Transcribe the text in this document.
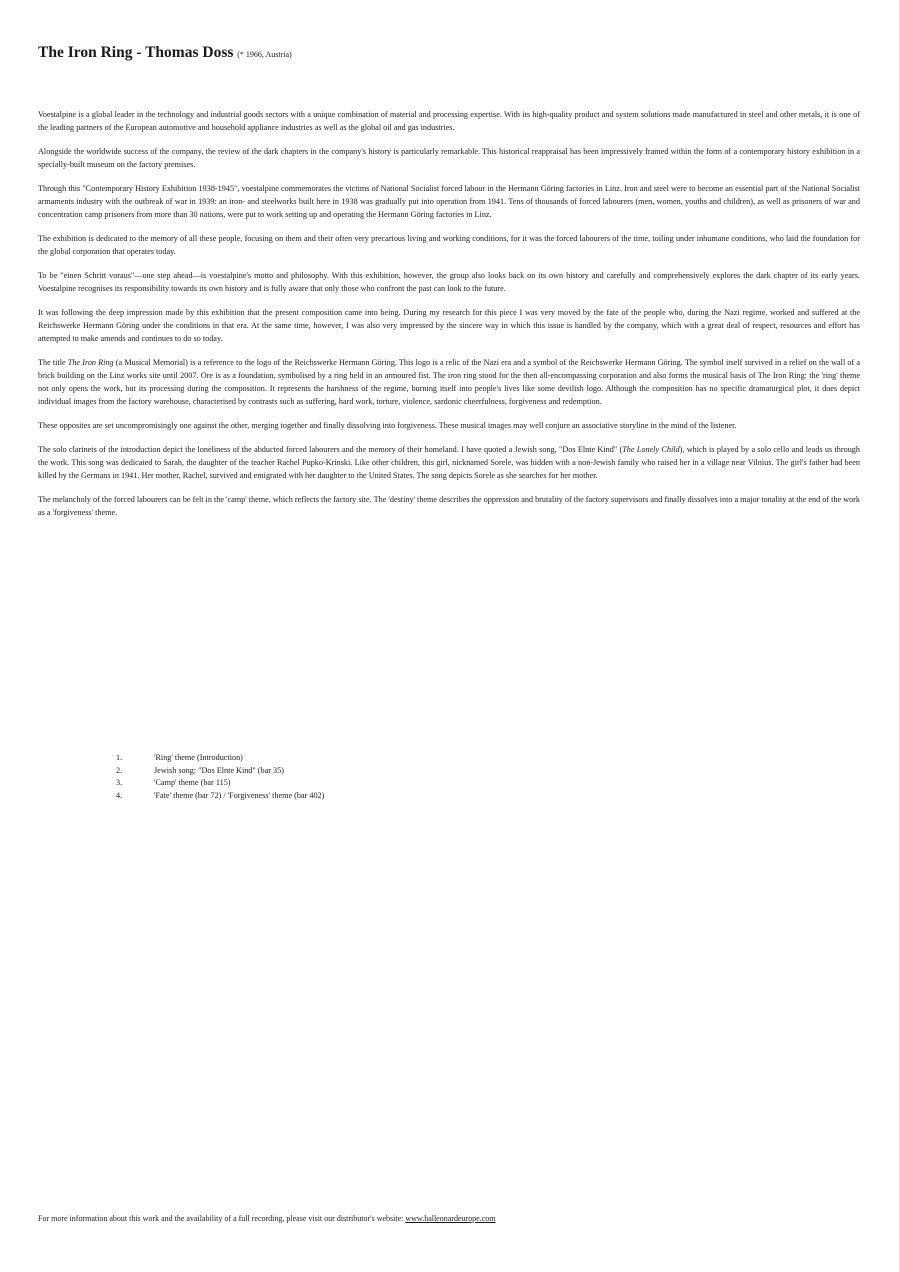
The Iron Ring - Thomas Doss (* 1966, Austria)

Voestalpine is a global leader in the technology and industrial goods sectors with a unique combination of material and processing expertise. With its high-quality product and system solutions made manufactured in steel and other metals, it is one of the leading partners of the European automotive and household appliance industries as well as the global oil and gas industries.

Alongside the worldwide success of the company, the review of the dark chapters in the company's history is particularly remarkable. This historical reappraisal has been impressively framed within the form of a contemporary history exhibition in a specially-built museum on the factory premises.

Through this "Contemporary History Exhibition 1938-1945", voestalpine commemorates the victims of National Socialist forced labour in the Hermann Göring factories in Linz. Iron and steel were to become an essential part of the National Socialist armaments industry with the outbreak of war in 1939: an iron- and steelworks built here in 1938 was gradually put into operation from 1941. Tens of thousands of forced labourers (men, women, youths and children), as well as prisoners of war and concentration camp prisoners from more than 30 nations, were put to work setting up and operating the Hermann Göring factories in Linz.

The exhibition is dedicated to the memory of all these people, focusing on them and their often very precarious living and working conditions, for it was the forced labourers of the time, toiling under inhumane conditions, who laid the foundation for the global corporation that operates today.

To be "einen Schritt voraus"—one step ahead—is voestalpine's motto and philosophy. With this exhibition, however, the group also looks back on its own history and carefully and comprehensively explores the dark chapter of its early years. Voestalpine recognises its responsibility towards its own history and is fully aware that only those who confront the past can look to the future.

It was following the deep impression made by this exhibition that the present composition came into being. During my research for this piece I was very moved by the fate of the people who, during the Nazi regime, worked and suffered at the Reichswerke Hermann Göring under the conditions in that era. At the same time, however, I was also very impressed by the sincere way in which this issue is handled by the company, which with a great deal of respect, resources and effort has attempted to make amends and continues to do so today.

The title The Iron Ring (a Musical Memorial) is a reference to the logo of the Reichswerke Hermann Göring. This logo is a relic of the Nazi era and a symbol of the Reichswerke Hermann Göring. The symbol itself survived in a relief on the wall of a brick building on the Linz works site until 2007. Ore is as a foundation, symbolised by a ring held in an armoured fist. The iron ring stood for the then all-encompassing corporation and also forms the musical basis of The Iron Ring: the 'ring' theme not only opens the work, but its processing during the composition. It represents the harshness of the regime, burning itself into people's lives like some devilish logo. Although the composition has no specific dramaturgical plot, it does depict individual images from the factory warehouse, characterised by contrasts such as suffering, hard work, torture, violence, sardonic cheerfulness, forgiveness and redemption.

These opposites are set uncompromisingly one against the other, merging together and finally dissolving into forgiveness. These musical images may well conjure an associative storyline in the mind of the listener.

The solo clarinets of the introduction depict the loneliness of the abducted forced labourers and the memory of their homeland. I have quoted a Jewish song, "Dos Elnte Kind" (The Lonely Child), which is played by a solo cello and leads us through the work. This song was dedicated to Sarah, the daughter of the teacher Rachel Pupko-Krinski. Like other children, this girl, nicknamed Sorele, was hidden with a non-Jewish family who raised her in a village near Vilnius. The girl's father had been killed by the Germans in 1941. Her mother, Rachel, survived and emigrated with her daughter to the United States. The song depicts Sorele as she searches for her mother.

The melancholy of the forced labourers can be felt in the 'camp' theme, which reflects the factory site. The 'destiny' theme describes the oppression and brutality of the factory supervisors and finally dissolves into a major tonality at the end of the work as a 'forgiveness' theme.

1.	'Ring' theme (Introduction)
2.	Jewish song: "Dos Elnte Kind" (bar 35)
3.	'Camp' theme (bar 115)
4.	'Fate' theme (bar 72) / 'Forgiveness' theme (bar 402)
For more information about this work and the availability of a full recording, please visit our distributor's website: www.halleonardeurope.com
